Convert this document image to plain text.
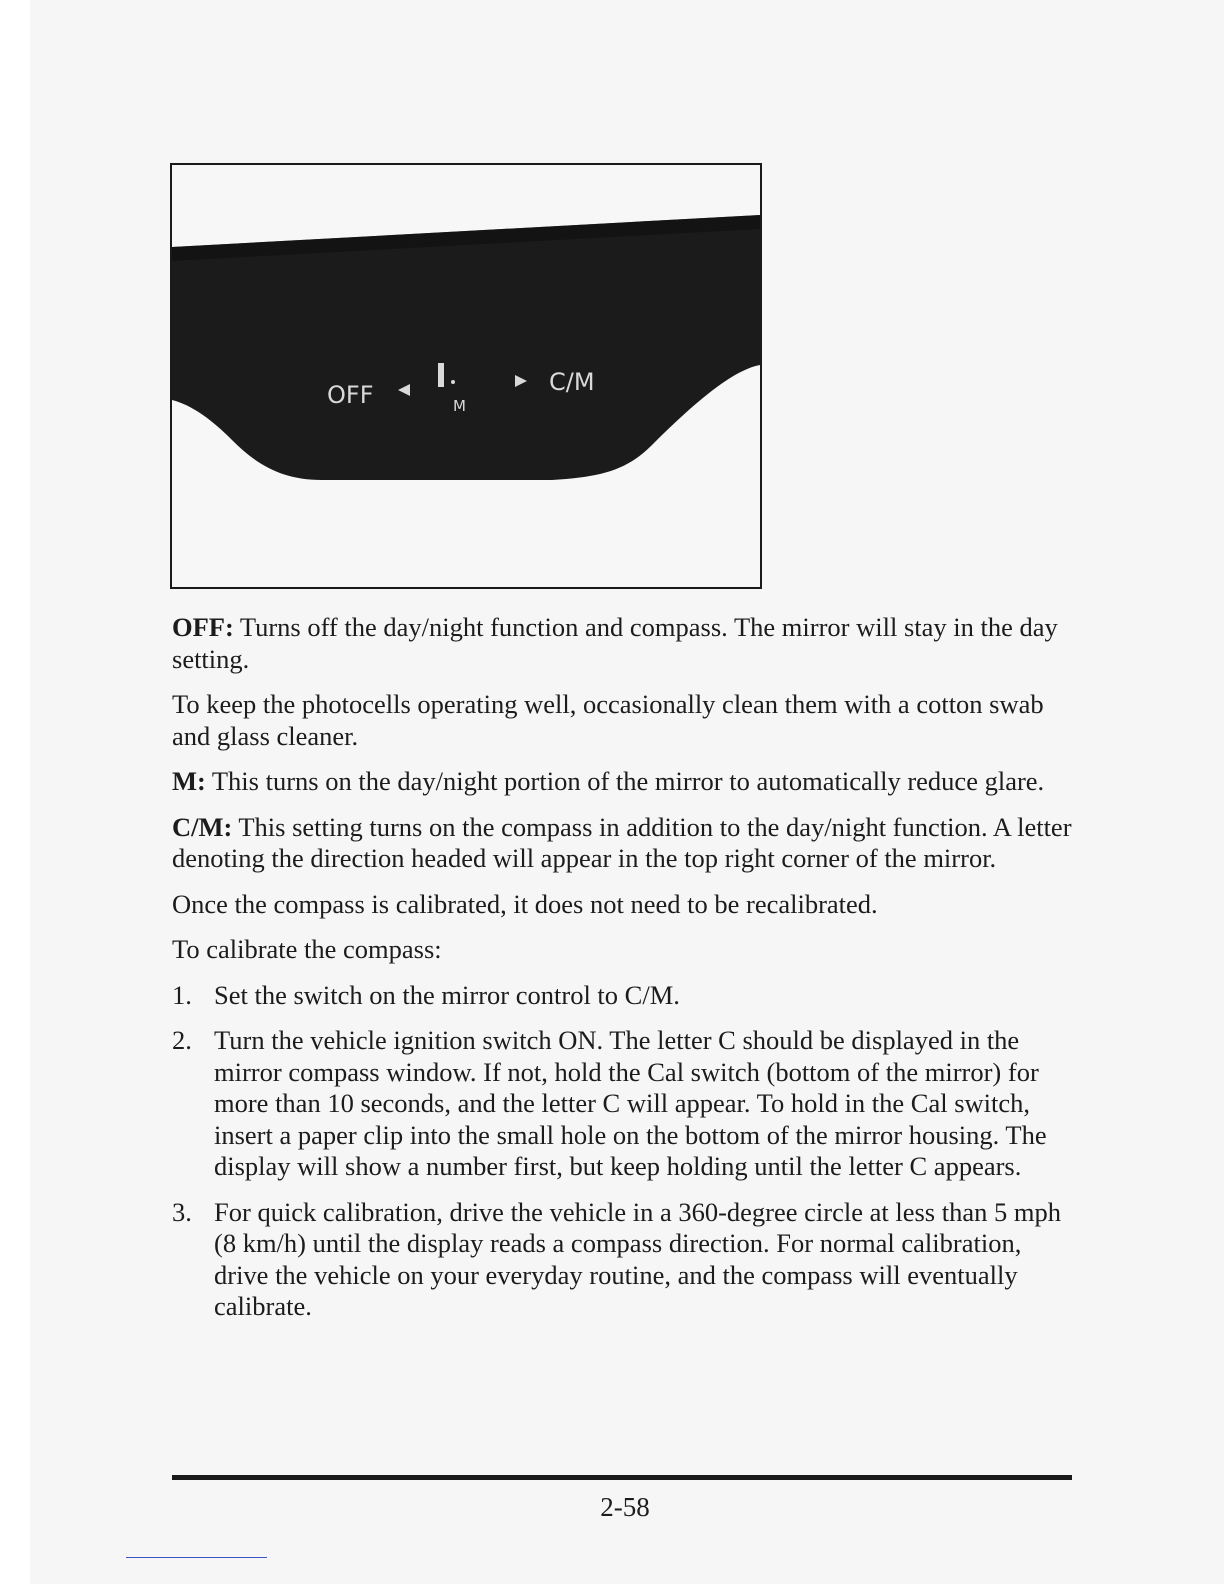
OFF	M
C/M

OFF: Turns off the day/night function and compass. The mirror will stay in the day setting.

To keep the photocells operating well, occasionally clean them with a cotton swab and glass cleaner.

M: This turns on the day/night portion of the mirror to automatically reduce glare.

C/M: This setting turns on the compass in addition to the day/night function. A letter denoting the direction headed will appear in the top right corner of the mirror.

Once the compass is calibrated, it does not need to be recalibrated.

To calibrate the compass:

1. Set the switch on the mirror control to C/M.
2. Turn the vehicle ignition switch ON. The letter C should be displayed in the mirror compass window. If not, hold the Cal switch (bottom of the mirror) for more than 10 seconds, and the letter C will appear. To hold in the Cal switch, insert a paper clip into the small hole on the bottom of the mirror housing. The display will show a number first, but keep holding until the letter C appears.
3. For quick calibration, drive the vehicle in a 360-degree circle at less than 5 mph (8 km/h) until the display reads a compass direction. For normal calibration, drive the vehicle on your everyday routine, and the compass will eventually calibrate.
2-58
